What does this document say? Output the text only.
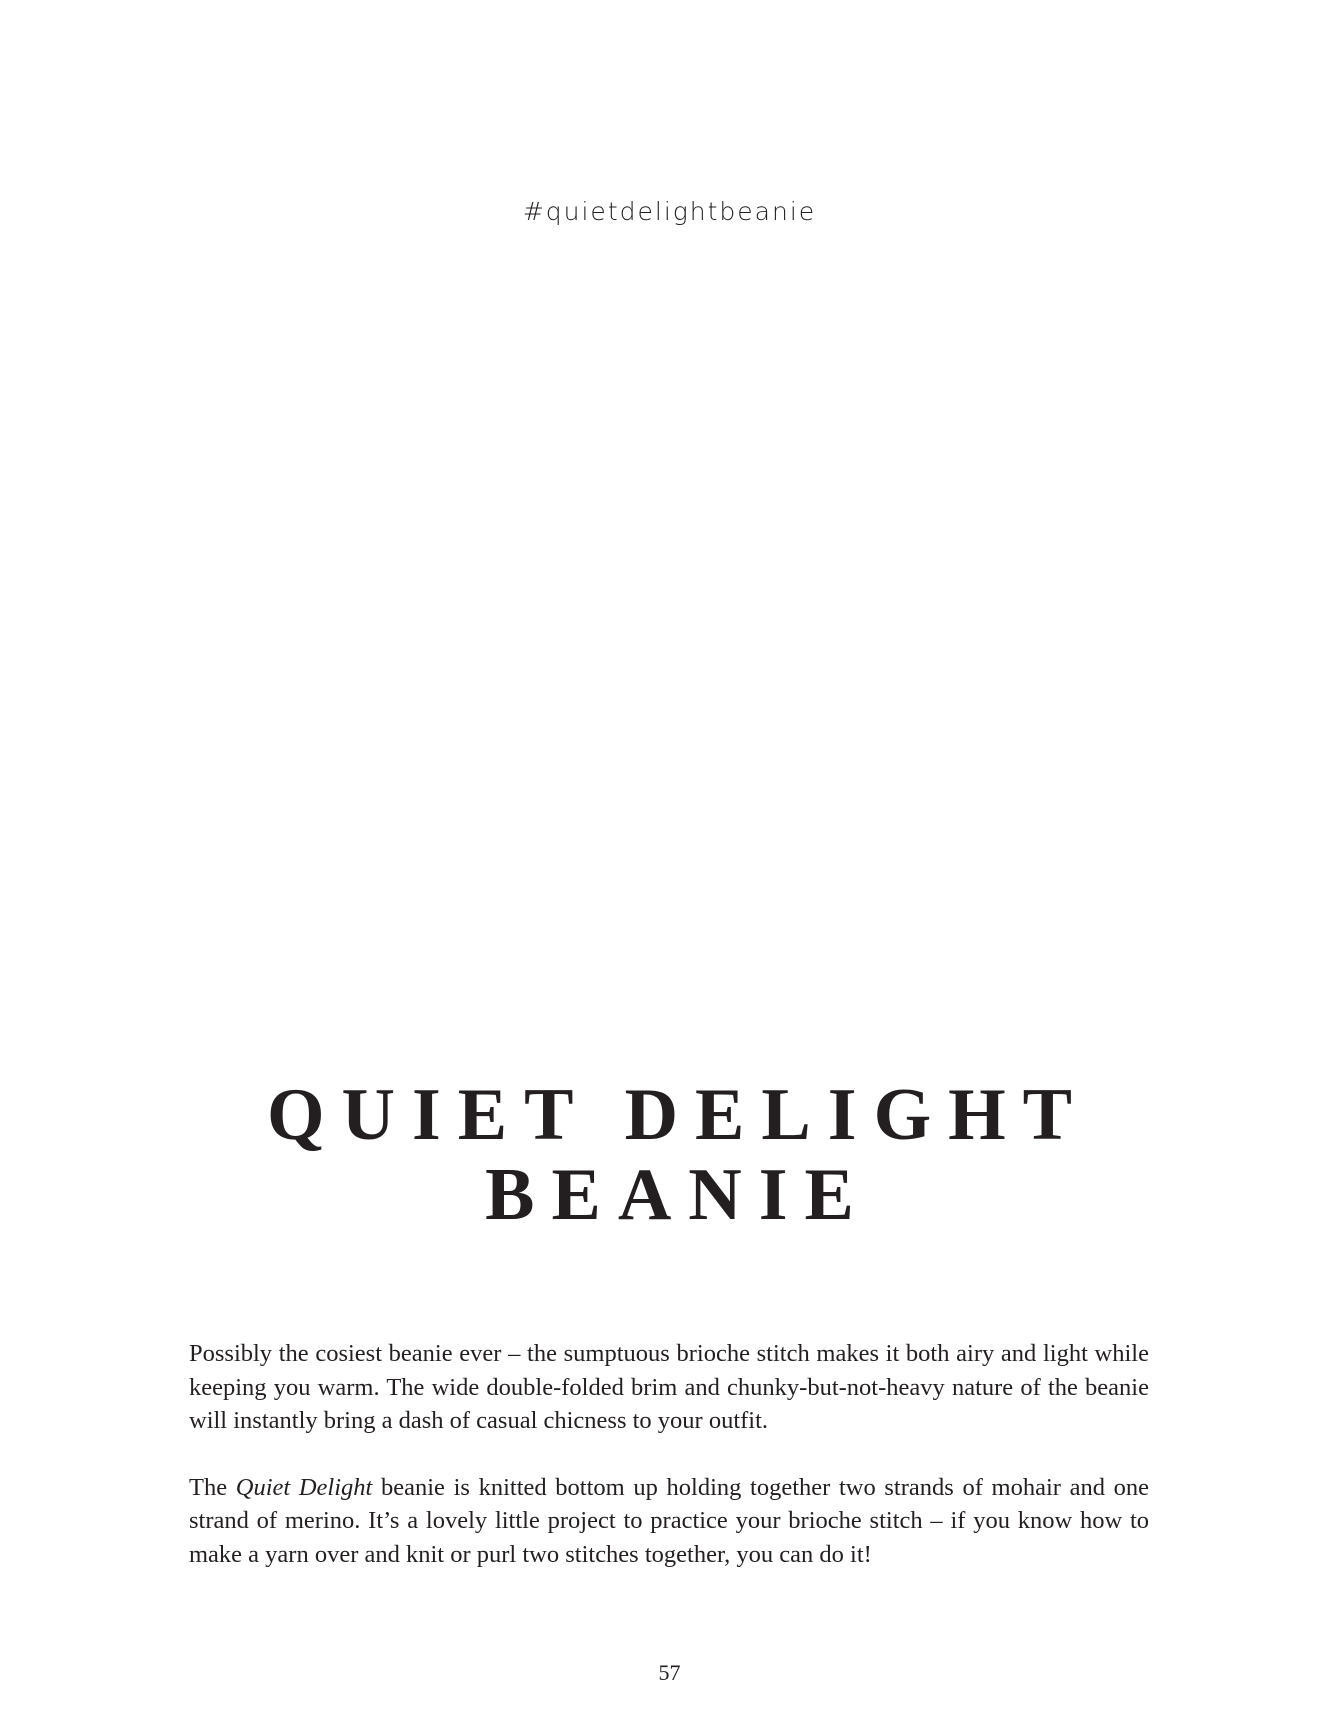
#quietdelightbeanie
QUIET DELIGHT
BEANIE

Possibly the cosiest beanie ever – the sumptuous brioche stitch makes it both airy and light while keeping you warm. The wide double-folded brim and chunky-but-not-heavy nature of the beanie will instantly bring a dash of casual chicness to your outfit.

The Quiet Delight beanie is knitted bottom up holding together two strands of mohair and one strand of merino. It’s a lovely little project to practice your brioche stitch – if you know how to make a yarn over and knit or purl two stitches together, you can do it!

57
